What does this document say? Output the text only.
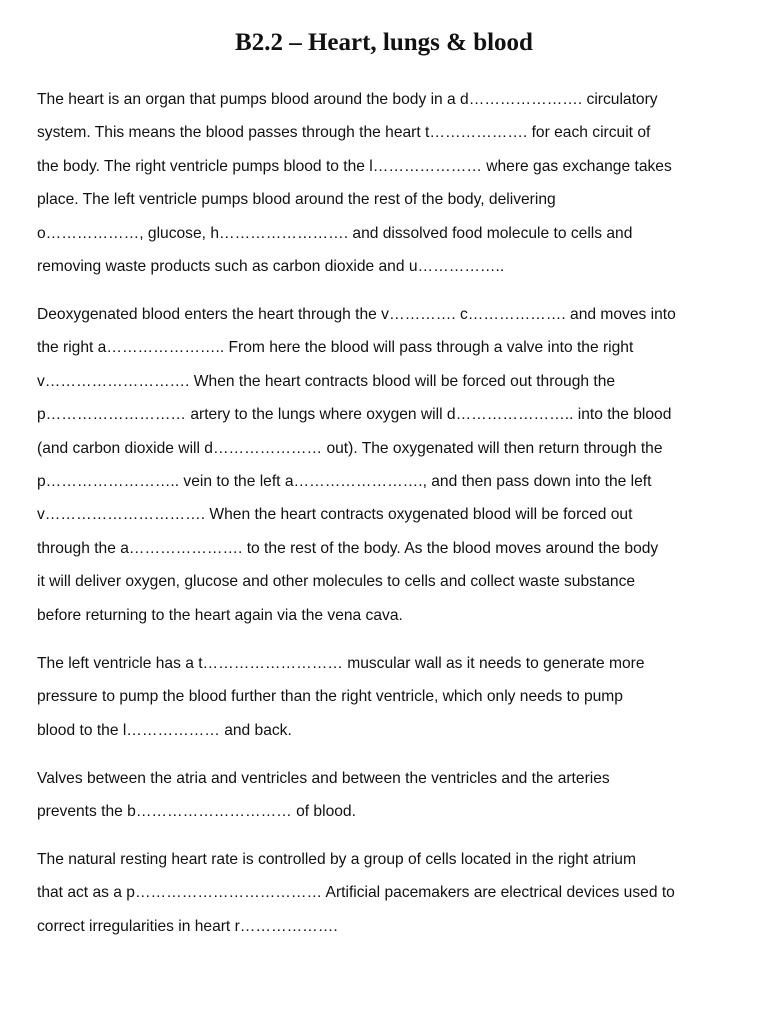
B2.2 – Heart, lungs & blood

The heart is an organ that pumps blood around the body in a d…………………. circulatory
system. This means the blood passes through the heart t………………. for each circuit of
the body. The right ventricle pumps blood to the l………………… where gas exchange takes
place. The left ventricle pumps blood around the rest of the body, delivering
o………………, glucose, h……………………. and dissolved food molecule to cells and
removing waste products such as carbon dioxide and u……………..

Deoxygenated blood enters the heart through the v…………. c………………. and moves into
the right a………………….. From here the blood will pass through a valve into the right
v………………………. When the heart contracts blood will be forced out through the
p……………………… artery to the lungs where oxygen will d………………….. into the blood
(and carbon dioxide will d………………… out). The oxygenated will then return through the
p…………………….. vein to the left a……………………., and then pass down into the left
v…………………………. When the heart contracts oxygenated blood will be forced out
through the a…………………. to the rest of the body. As the blood moves around the body
it will deliver oxygen, glucose and other molecules to cells and collect waste substance
before returning to the heart again via the vena cava.

The left ventricle has a t……………………… muscular wall as it needs to generate more
pressure to pump the blood further than the right ventricle, which only needs to pump
blood to the l……………… and back.

Valves between the atria and ventricles and between the ventricles and the arteries
prevents the b………………………… of blood.

The natural resting heart rate is controlled by a group of cells located in the right atrium
that act as a p……………………………… Artificial pacemakers are electrical devices used to
correct irregularities in heart r……………….
